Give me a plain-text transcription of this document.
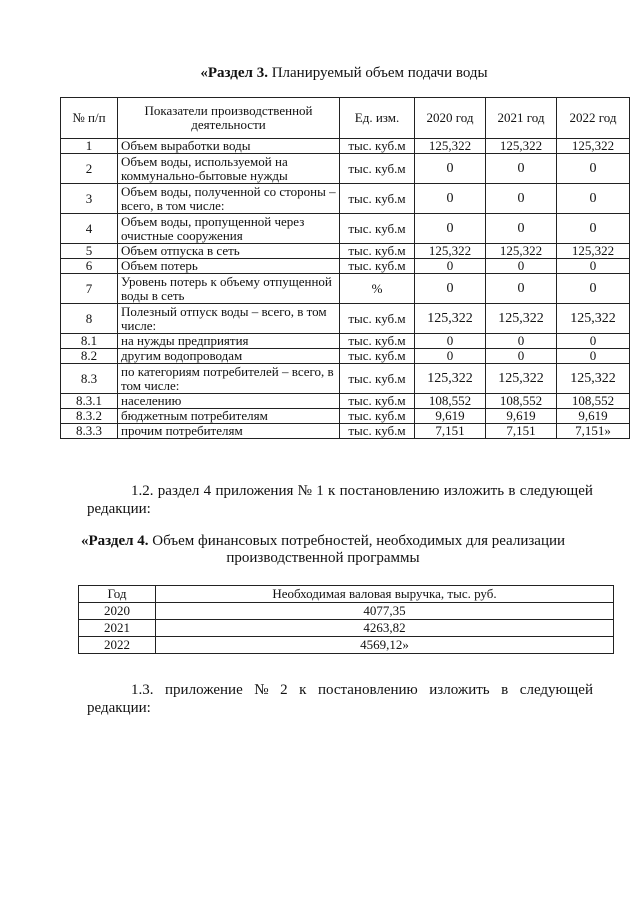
«Раздел 3. Планируемый объем подачи воды
№ п/п	Показатели производственной деятельности	Ед. изм.	2020 год	2021 год	2022 год
1	Объем выработки воды	тыс. куб.м	125,322	125,322	125,322
2	Объем воды, используемой на коммунально-бытовые нужды	тыс. куб.м	0	0	0
3	Объем воды, полученной со стороны – всего, в том числе:	тыс. куб.м	0	0	0
4	Объем воды, пропущенной через очистные сооружения	тыс. куб.м	0	0	0
5	Объем отпуска в сеть	тыс. куб.м	125,322	125,322	125,322
6	Объем потерь	тыс. куб.м	0	0	0
7	Уровень потерь к объему отпущенной воды в сеть	%	0	0	0
8	Полезный отпуск воды – всего, в том числе:	тыс. куб.м	125,322	125,322	125,322
8.1	на нужды предприятия	тыс. куб.м	0	0	0
8.2	другим водопроводам	тыс. куб.м	0	0	0
8.3	по категориям потребителей – всего, в том числе:	тыс. куб.м	125,322	125,322	125,322
8.3.1	населению	тыс. куб.м	108,552	108,552	108,552
8.3.2	бюджетным потребителям	тыс. куб.м	9,619	9,619	9,619
8.3.3	прочим потребителям	тыс. куб.м	7,151	7,151	7,151»
1.2. раздел 4 приложения № 1 к постановлению изложить в следующей
редакции:
«Раздел 4. Объем финансовых потребностей, необходимых для реализации
производственной программы
Год	Необходимая валовая выручка, тыс. руб.
2020	4077,35
2021	4263,82
2022	4569,12»
1.3. приложение № 2 к постановлению изложить в следующей
редакции:
